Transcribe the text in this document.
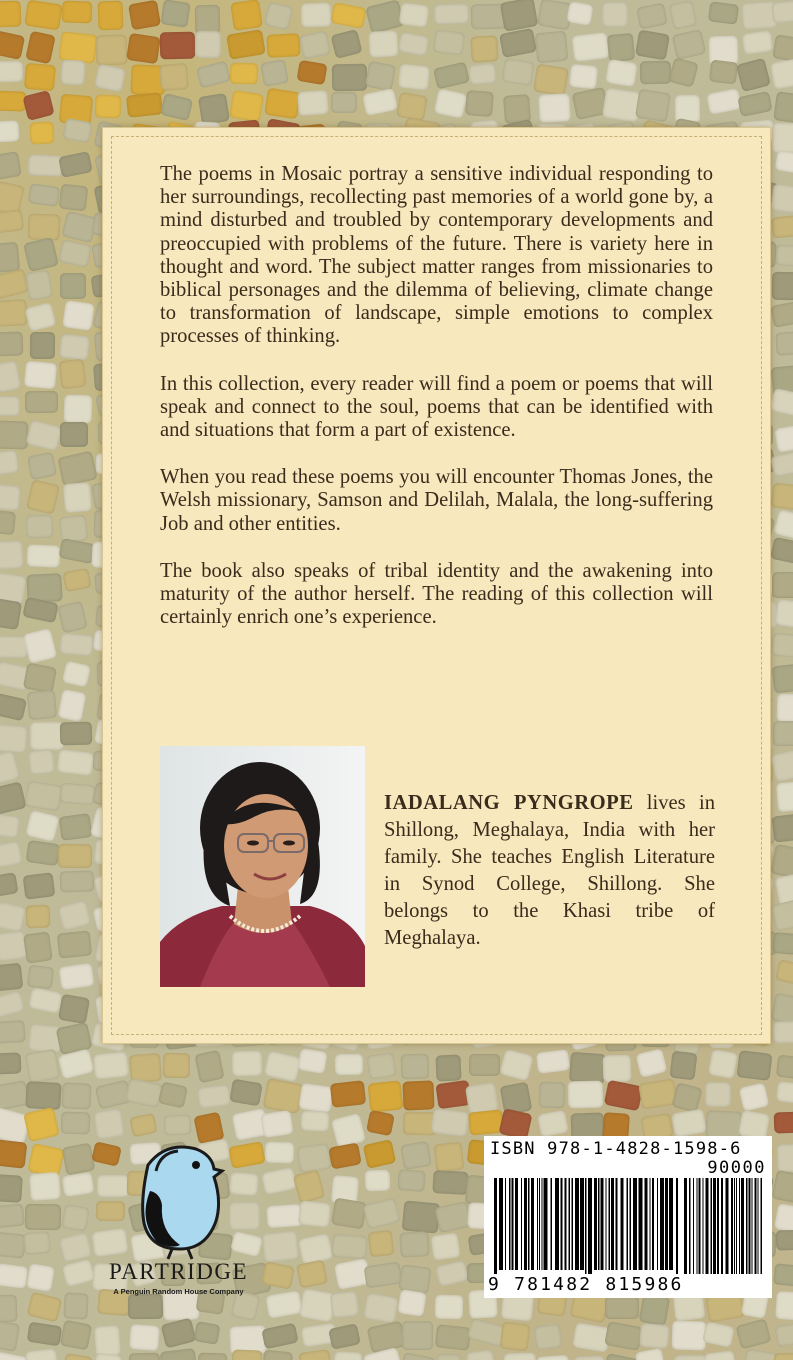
The poems in Mosaic portray a sensitive individual responding to her surroundings, recollecting past memories of a world gone by, a mind disturbed and troubled by contemporary developments and preoccupied with problems of the future. There is variety here in thought and word. The subject matter ranges from missionaries to biblical personages and the dilemma of believing, climate change to transformation of landscape, simple emotions to complex processes of thinking.

In this collection, every reader will find a poem or poems that will speak and connect to the soul, poems that can be identified with and situations that form a part of existence.

When you read these poems you will encounter Thomas Jones, the Welsh missionary, Samson and Delilah, Malala, the long-suffering Job and other entities.

The book also speaks of tribal identity and the awakening into maturity of the author herself. The reading of this collection will certainly enrich one’s experience.

IADALANG PYNGROPE lives in Shillong, Meghalaya, India with her family. She teaches English Literature in Synod College, Shillong. She belongs to the Khasi tribe of Meghalaya.
PARTRIDGE
A Penguin Random House Company
ISBN 978-1-4828-1598-6
90000
9 781482 815986
